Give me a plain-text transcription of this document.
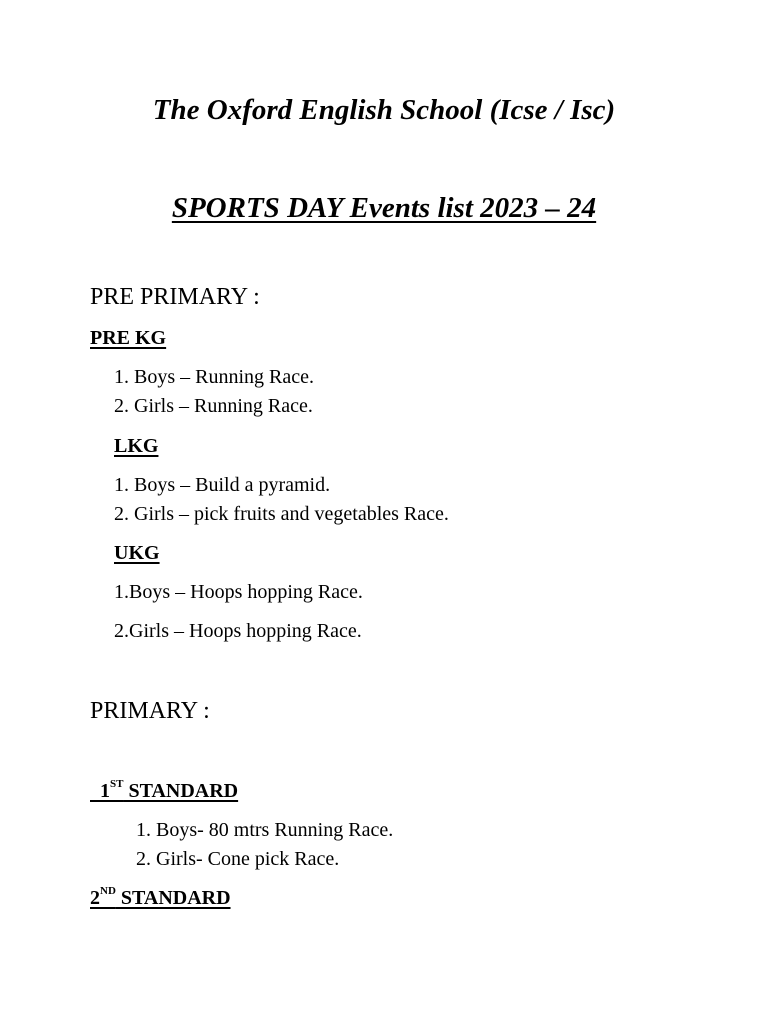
The Oxford English School (Icse / Isc)
SPORTS DAY Events list 2023 – 24
PRE PRIMARY :
PRE KG
1. Boys – Running Race.
2. Girls – Running Race.
LKG
1. Boys – Build a pyramid.
2. Girls – pick fruits and vegetables Race.
UKG
1.Boys – Hoops hopping Race.
2.Girls – Hoops hopping Race.
PRIMARY :
1ST STANDARD
1. Boys- 80 mtrs Running Race.
2. Girls- Cone pick Race.
2ND STANDARD
